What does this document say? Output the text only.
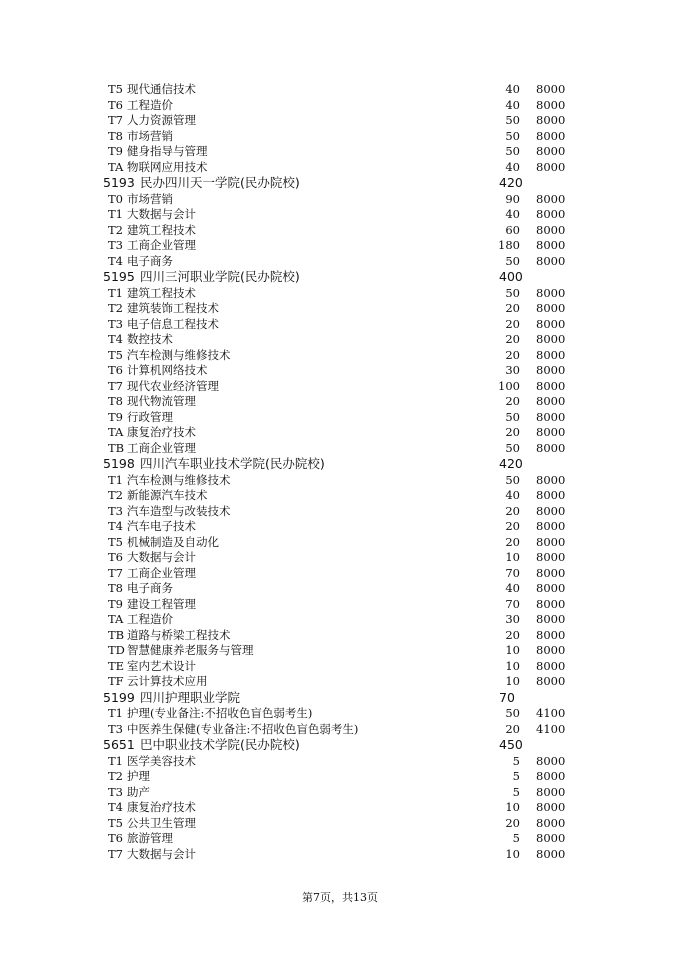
T5 现代通信技术	40 8000
T6 工程造价	40 8000
T7 人力资源管理	50 8000
T8 市场营销	50 8000
T9 健身指导与管理	50 8000
TA 物联网应用技术	40 8000
5193 民办四川天一学院(民办院校)	420
T0 市场营销	90 8000
T1 大数据与会计	40 8000
T2 建筑工程技术	60 8000
T3 工商企业管理	180 8000
T4 电子商务	50 8000
5195 四川三河职业学院(民办院校)	400
T1 建筑工程技术	50 8000
T2 建筑装饰工程技术	20 8000
T3 电子信息工程技术	20 8000
T4 数控技术	20 8000
T5 汽车检测与维修技术	20 8000
T6 计算机网络技术	30 8000
T7 现代农业经济管理	100 8000
T8 现代物流管理	20 8000
T9 行政管理	50 8000
TA 康复治疗技术	20 8000
TB 工商企业管理	50 8000
5198 四川汽车职业技术学院(民办院校)	420
T1 汽车检测与维修技术	50 8000
T2 新能源汽车技术	40 8000
T3 汽车造型与改装技术	20 8000
T4 汽车电子技术	20 8000
T5 机械制造及自动化	20 8000
T6 大数据与会计	10 8000
T7 工商企业管理	70 8000
T8 电子商务	40 8000
T9 建设工程管理	70 8000
TA 工程造价	30 8000
TB 道路与桥梁工程技术	20 8000
TD 智慧健康养老服务与管理	10 8000
TE 室内艺术设计	10 8000
TF 云计算技术应用	10 8000
5199 四川护理职业学院	70
T1 护理(专业备注:不招收色盲色弱考生)	50 4100
T3 中医养生保健(专业备注:不招收色盲色弱考生)	20 4100
5651 巴中职业技术学院(民办院校)	450
T1 医学美容技术	5 8000
T2 护理	5 8000
T3 助产	5 8000
T4 康复治疗技术	10 8000
T5 公共卫生管理	20 8000
T6 旅游管理	5 8000
T7 大数据与会计	10 8000
第7页，共13页
